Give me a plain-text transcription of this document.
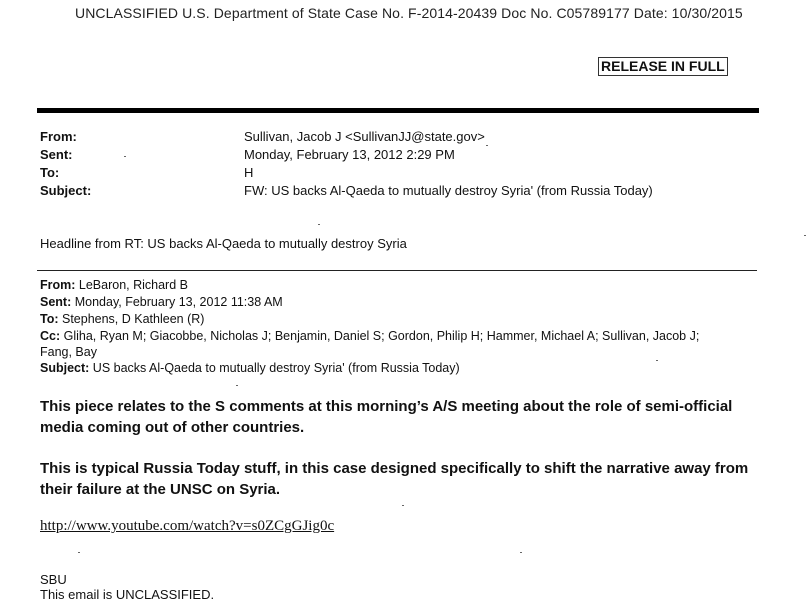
UNCLASSIFIED U.S. Department of State Case No. F-2014-20439 Doc No. C05789177 Date: 10/30/2015
RELEASE IN FULL
From:	Sullivan, Jacob J <SullivanJJ@state.gov>
Sent:	Monday, February 13, 2012 2:29 PM
To:	H
Subject:	FW: US backs Al-Qaeda to mutually destroy Syria' (from Russia Today)
Headline from RT: US backs Al-Qaeda to mutually destroy Syria
From: LeBaron, Richard B
Sent: Monday, February 13, 2012 11:38 AM
To: Stephens, D Kathleen (R)
Cc: Gliha, Ryan M; Giacobbe, Nicholas J; Benjamin, Daniel S; Gordon, Philip H; Hammer, Michael A; Sullivan, Jacob J;
Fang, Bay
Subject: US backs Al-Qaeda to mutually destroy Syria' (from Russia Today)
This piece relates to the S comments at this morning’s A/S meeting about the role of semi-official media coming out of other countries.
This is typical Russia Today stuff, in this case designed specifically to shift the narrative away from their failure at the UNSC on Syria.
http://www.youtube.com/watch?v=s0ZCgGJig0c
SBU
This email is UNCLASSIFIED.
